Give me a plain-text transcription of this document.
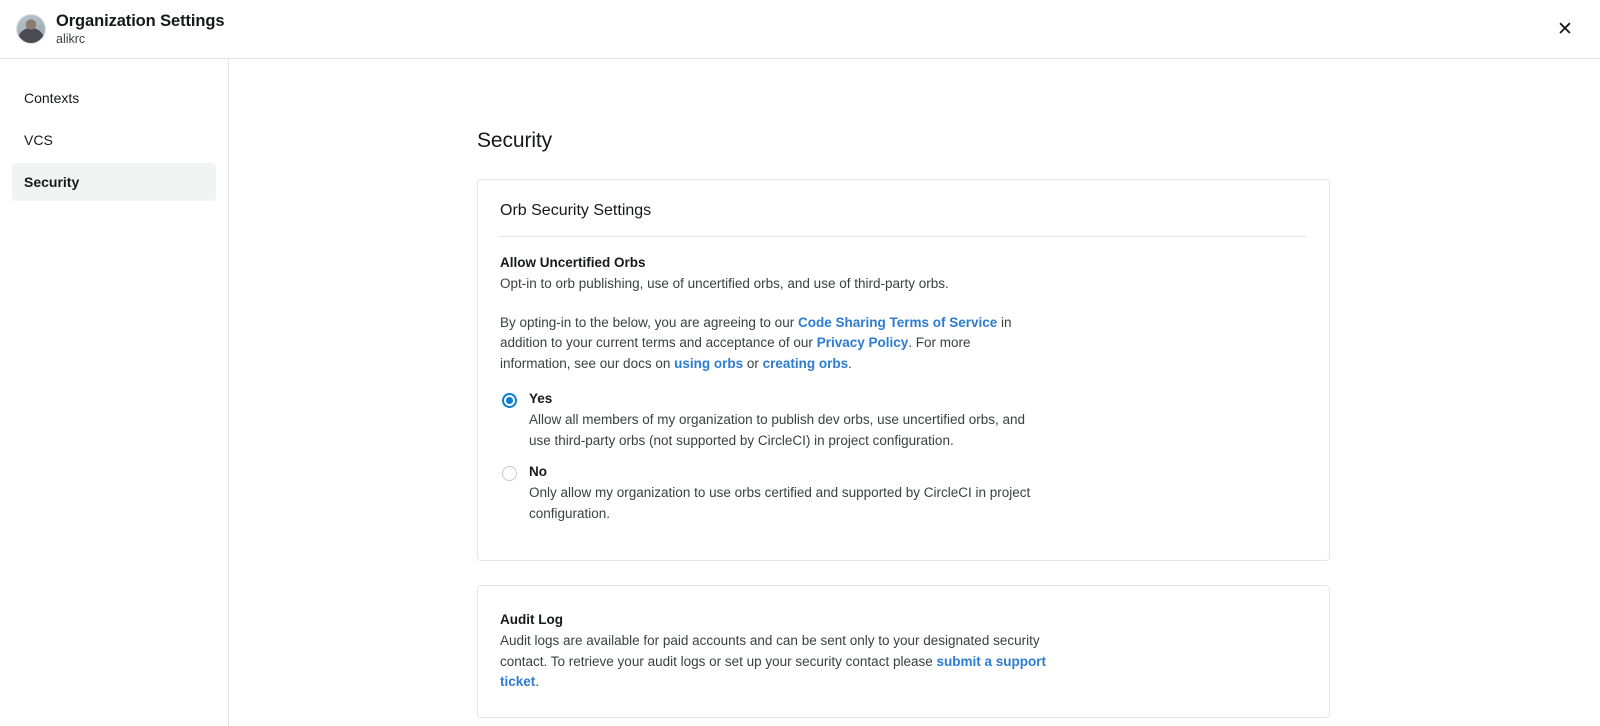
Organization Settings
alikrc	✕
Contexts
VCS
Security
Security
Orb Security Settings
Allow Uncertified Orbs

Opt-in to orb publishing, use of uncertified orbs, and use of third-party orbs.

By opting-in to the below, you are agreeing to our Code Sharing Terms of Service in addition to your current terms and acceptance of our Privacy Policy. For more information, see our docs on using orbs or creating orbs.

Yes
Allow all members of my organization to publish dev orbs, use uncertified orbs, and use third-party orbs (not supported by CircleCI) in project configuration.
No
Only allow my organization to use orbs certified and supported by CircleCI in project configuration.
Audit Log

Audit logs are available for paid accounts and can be sent only to your designated security contact. To retrieve your audit logs or set up your security contact please submit a support ticket.
